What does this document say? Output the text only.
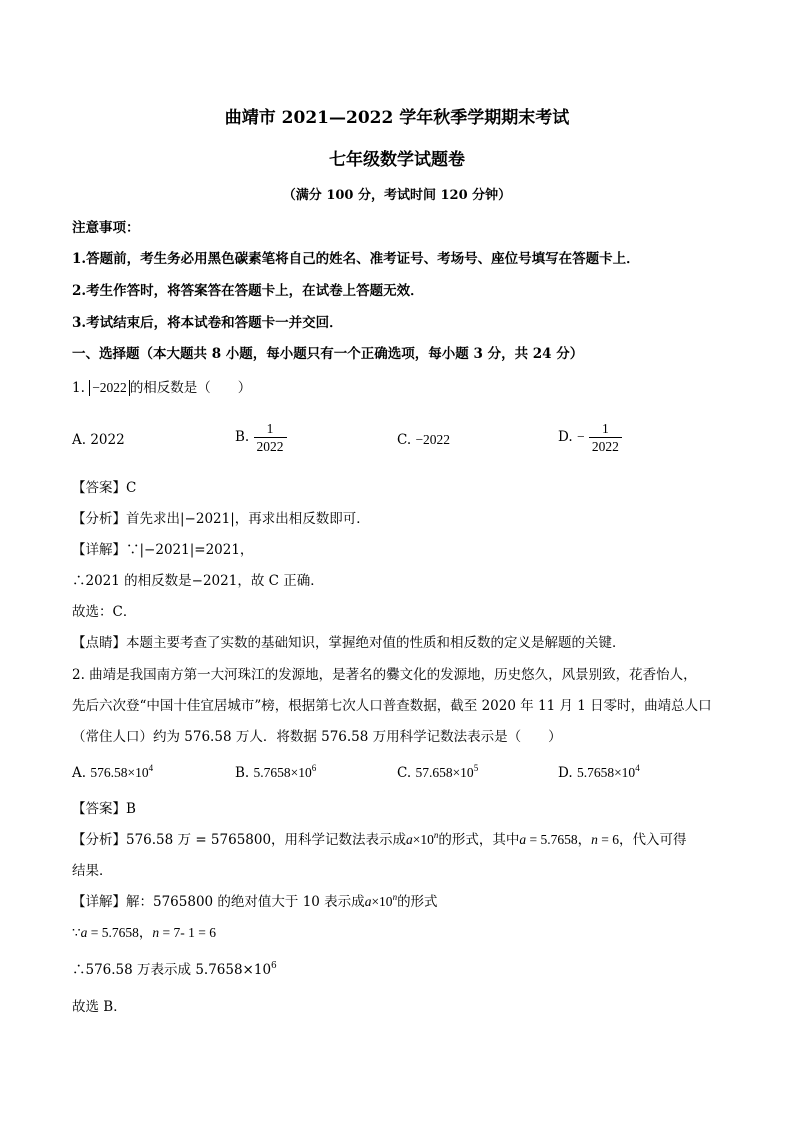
曲靖市 2021—2022 学年秋季学期期末考试
七年级数学试题卷
（满分 100 分，考试时间 120 分钟）
注意事项：
1.答题前，考生务必用黑色碳素笔将自己的姓名、准考证号、考场号、座位号填写在答题卡上．
2.考生作答时，将答案答在答题卡上，在试卷上答题无效．
3.考试结束后，将本试卷和答题卡一并交回．
一、选择题（本大题共 8 小题，每小题只有一个正确选项，每小题 3 分，共 24 分）
1. −2022 的相反数是（　　）
A. 2022	B. $\frac{1}{2022}$	C. −2022	D. − $\frac{1}{2022}$
【答案】C
【分析】首先求出|−2021|，再求出相反数即可．
【详解】∵|−2021|=2021，
∴2021 的相反数是−2021，故 C 正确．
故选：C．
【点睛】本题主要考查了实数的基础知识，掌握绝对值的性质和相反数的定义是解题的关键．
2. 曲靖是我国南方第一大河珠江的发源地，是著名的爨文化的发源地，历史悠久，风景别致，花香怡人，
先后六次登“中国十佳宜居城市”榜，根据第七次人口普查数据，截至 2020 年 11 月 1 日零时，曲靖总人口
（常住人口）约为 576.58 万人．将数据 576.58 万用科学记数法表示是（　　）
A. $576.58\times 10^4$	B. $5.7658\times 10^6$	C. $57.658\times 10^5$	D. $5.7658\times 10^4$
【答案】B
【分析】576.58 万 = 5765800，用科学记数法表示成$a\times 10^n$的形式，其中a = 5.7658，n = 6，代入可得
结果．
【详解】解：5765800 的绝对值大于 10 表示成$a\times 10^n$的形式
∵a = 5.7658，n = 7- 1 = 6
∴576.58 万表示成 $5.7658\times 10^6$
故选 B．
